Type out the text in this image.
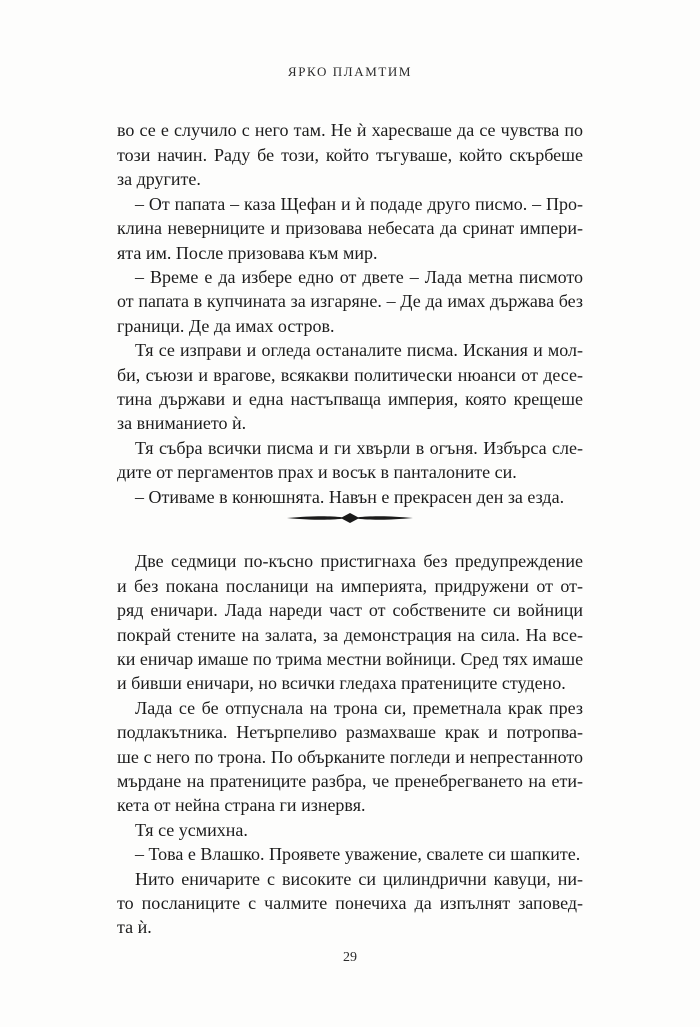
ЯРКО ПЛАМТИМ
во се е случило с него там. Не ѝ харесваше да се чувства по
този начин. Раду бе този, който тъгуваше, който скърбеше
за другите.
– От папата – каза Щефан и ѝ подаде друго писмо. – Про-
клина неверниците и призовава небесата да сринат импери-
ята им. После призовава към мир.
– Време е да избере едно от двете – Лада метна писмото
от папата в купчината за изгаряне. – Де да имах държава без
граници. Де да имах остров.
Тя се изправи и огледа останалите писма. Искания и мол-
би, съюзи и врагове, всякакви политически нюанси от десе-
тина държави и една настъпваща империя, която крещеше
за вниманието ѝ.
Тя събра всички писма и ги хвърли в огъня. Избърса сле-
дите от пергаментов прах и восък в панталоните си.
– Отиваме в конюшнята. Навън е прекрасен ден за езда.
Две седмици по-късно пристигнаха без предупреждение
и без покана посланици на империята, придружени от от-
ряд еничари. Лада нареди част от собствените си войници
покрай стените на залата, за демонстрация на сила. На все-
ки еничар имаше по трима местни войници. Сред тях имаше
и бивши еничари, но всички гледаха пратениците студено.
Лада се бе отпуснала на трона си, преметнала крак през
подлакътника. Нетърпеливо размахваше крак и потропва-
ше с него по трона. По обърканите погледи и непрестанното
мърдане на пратениците разбра, че пренебрегването на ети-
кета от нейна страна ги изнервя.
Тя се усмихна.
– Това е Влашко. Проявете уважение, свалете си шапките.
Нито еничарите с високите си цилиндрични кавуци, ни-
то посланиците с чалмите понечиха да изпълнят заповед-
та ѝ.
29
